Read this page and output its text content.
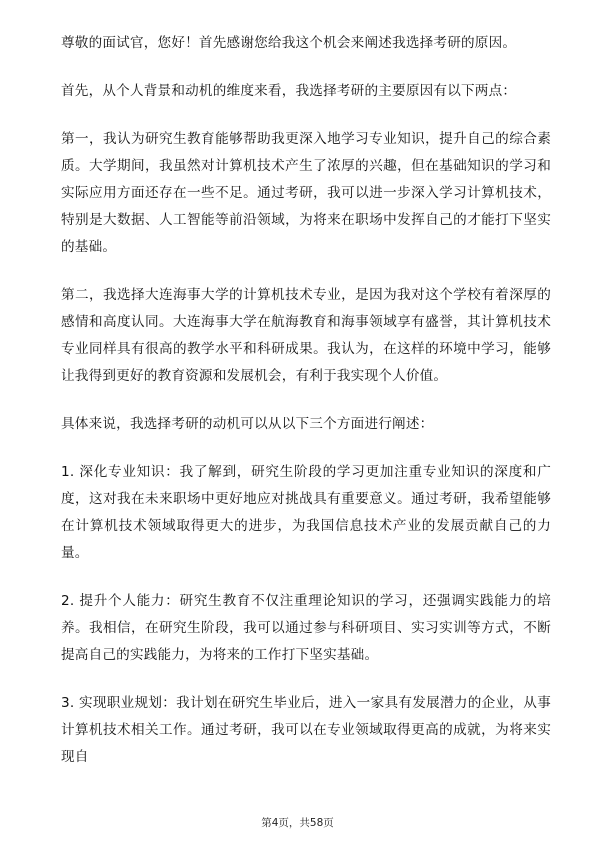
尊敬的面试官，您好！首先感谢您给我这个机会来阐述我选择考研的原因。

首先，从个人背景和动机的维度来看，我选择考研的主要原因有以下两点：

第一，我认为研究生教育能够帮助我更深入地学习专业知识，提升自己的综合素质。大学期间，我虽然对计算机技术产生了浓厚的兴趣，但在基础知识的学习和实际应用方面还存在一些不足。通过考研，我可以进一步深入学习计算机技术，特别是大数据、人工智能等前沿领域，为将来在职场中发挥自己的才能打下坚实的基础。

第二，我选择大连海事大学的计算机技术专业，是因为我对这个学校有着深厚的感情和高度认同。大连海事大学在航海教育和海事领域享有盛誉，其计算机技术专业同样具有很高的教学水平和科研成果。我认为，在这样的环境中学习，能够让我得到更好的教育资源和发展机会，有利于我实现个人价值。

具体来说，我选择考研的动机可以从以下三个方面进行阐述：

1. 深化专业知识：我了解到，研究生阶段的学习更加注重专业知识的深度和广度，这对我在未来职场中更好地应对挑战具有重要意义。通过考研，我希望能够在计算机技术领域取得更大的进步，为我国信息技术产业的发展贡献自己的力量。

2. 提升个人能力：研究生教育不仅注重理论知识的学习，还强调实践能力的培养。我相信，在研究生阶段，我可以通过参与科研项目、实习实训等方式，不断提高自己的实践能力，为将来的工作打下坚实基础。

3. 实现职业规划：我计划在研究生毕业后，进入一家具有发展潜力的企业，从事计算机技术相关工作。通过考研，我可以在专业领域取得更高的成就，为将来实现自

第4页，共58页
